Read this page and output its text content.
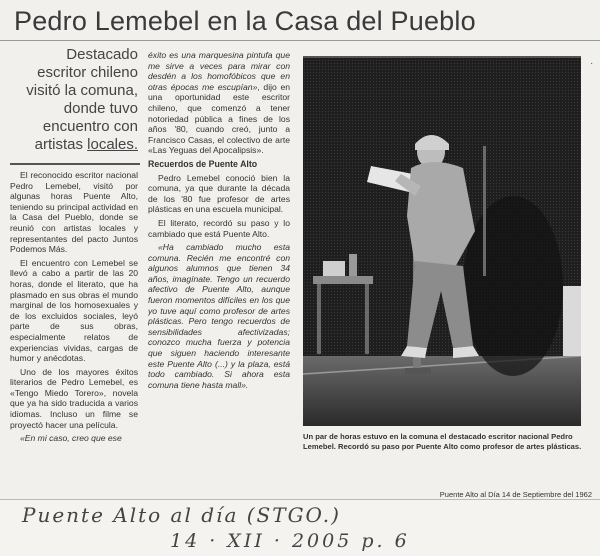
Pedro Lemebel en la Casa del Pueblo
Destacado
escritor chileno
visitó la comuna,
donde tuvo
encuentro con
artistas locales.

El reconocido escritor nacional Pedro Lemebel, visitó por algunas horas Puente Alto, teniendo su principal actividad en la Casa del Pueblo, donde se reunió con artistas locales y representantes del pacto Juntos Podemos Más.

El encuentro con Lemebel se llevó a cabo a partir de las 20 horas, donde el literato, que ha plasmado en sus obras el mundo marginal de los homosexuales y de los excluidos sociales, leyó parte de sus obras, especialmente relatos de experiencias vividas, cargas de humor y anécdotas.

Uno de los mayores éxitos literarios de Pedro Lemebel, es «Tengo Miedo Torero», novela que ya ha sido traducida a varios idiomas. Incluso un filme se proyectó hacer una película.

«En mi caso, creo que ese

éxito es una marquesina pintufa que me sirve a veces para mirar con desdén a los homofóbicos que en otras épocas me escupían», dijo en una oportunidad este escritor chileno, que comenzó a tener notoriedad pública a fines de los años '80, cuando creó, junto a Francisco Casas, el colectivo de arte «Las Yeguas del Apocalipsis».

Recuerdos de Puente Alto

Pedro Lemebel conoció bien la comuna, ya que durante la década de los '80 fue profesor de artes plásticas en una escuela municipal.

El literato, recordó su paso y lo cambiado que está Puente Alto.

«Ha cambiado mucho esta comuna. Recién me encontré con algunos alumnos que tienen 34 años, imagínate. Tengo un recuerdo afectivo de Puente Alto, aunque fueron momentos difíciles en los que yo tuve aquí como profesor de artes plásticas. Pero tengo recuerdos de sensibilidades afectivizadas; conozco mucha fuerza y potencia que siguen haciendo interesante este Puente Alto (...) y la plaza, está todo cambiado. Si ahora esta comuna tiene hasta mall».

Un par de horas estuvo en la comuna el destacado escritor nacional Pedro Lemebel. Recordó su paso por Puente Alto como profesor de artes plásticas.
Puente Alto al Día 14 de Septiembre del 1962
·
Puente Alto al día (STGO.)
14 · XII · 2005 p. 6
